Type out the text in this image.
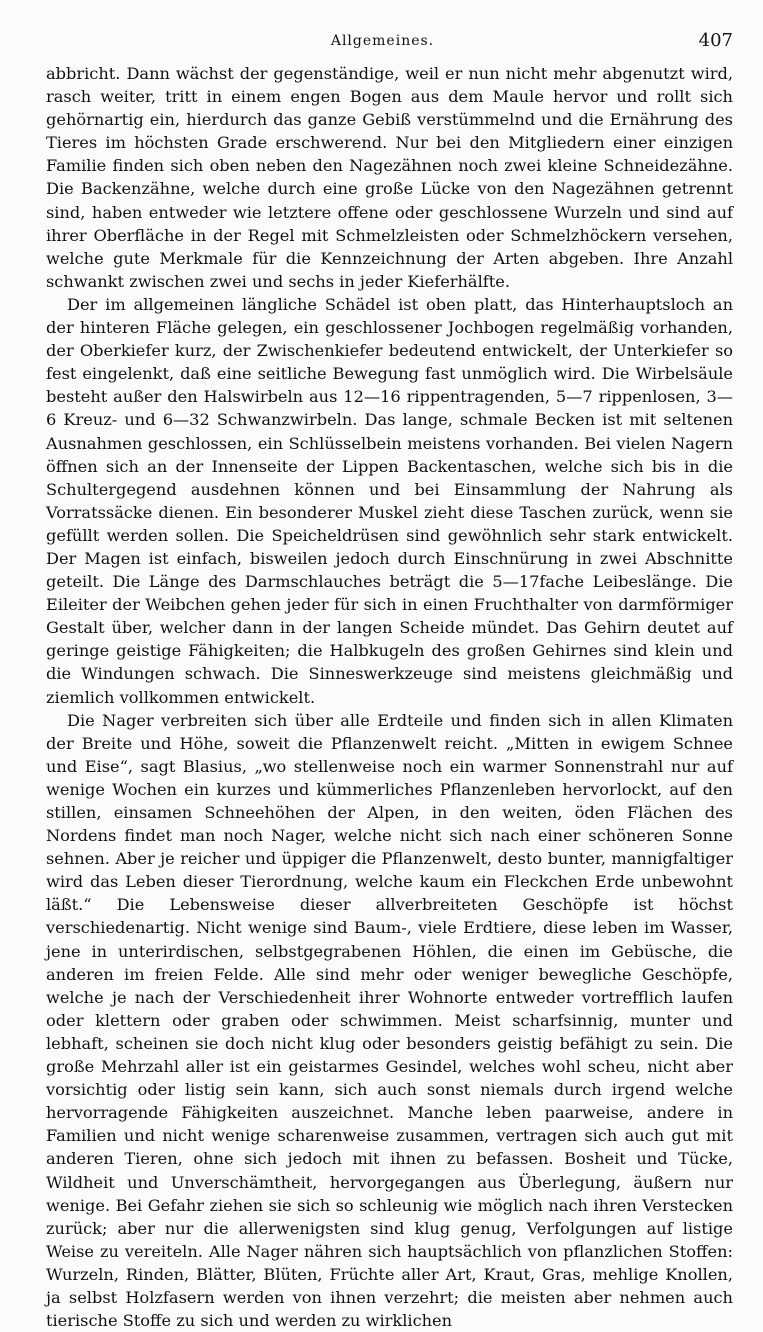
Allgemeines.	407

abbricht. Dann wächst der gegenständige, weil er nun nicht mehr abgenutzt wird, rasch weiter, tritt in einem engen Bogen aus dem Maule hervor und rollt sich gehörnartig ein, hierdurch das ganze Gebiß verstümmelnd und die Ernährung des Tieres im höchsten Grade erschwerend. Nur bei den Mitgliedern einer einzigen Familie finden sich oben neben den Nagezähnen noch zwei kleine Schneidezähne. Die Backenzähne, welche durch eine große Lücke von den Nagezähnen getrennt sind, haben entweder wie letztere offene oder geschlossene Wurzeln und sind auf ihrer Oberfläche in der Regel mit Schmelzleisten oder Schmelzhöckern versehen, welche gute Merkmale für die Kennzeichnung der Arten abgeben. Ihre Anzahl schwankt zwischen zwei und sechs in jeder Kieferhälfte.

Der im allgemeinen längliche Schädel ist oben platt, das Hinterhauptsloch an der hinteren Fläche gelegen, ein geschlossener Jochbogen regelmäßig vorhanden, der Oberkiefer kurz, der Zwischenkiefer bedeutend entwickelt, der Unterkiefer so fest eingelenkt, daß eine seitliche Bewegung fast unmöglich wird. Die Wirbelsäule besteht außer den Halswirbeln aus 12—16 rippentragenden, 5—7 rippenlosen, 3—6 Kreuz- und 6—32 Schwanzwirbeln. Das lange, schmale Becken ist mit seltenen Ausnahmen geschlossen, ein Schlüsselbein meistens vorhanden. Bei vielen Nagern öffnen sich an der Innenseite der Lippen Backentaschen, welche sich bis in die Schultergegend ausdehnen können und bei Einsammlung der Nahrung als Vorratssäcke dienen. Ein besonderer Muskel zieht diese Taschen zurück, wenn sie gefüllt werden sollen. Die Speicheldrüsen sind gewöhnlich sehr stark entwickelt. Der Magen ist einfach, bisweilen jedoch durch Einschnürung in zwei Abschnitte geteilt. Die Länge des Darmschlauches beträgt die 5—17fache Leibeslänge. Die Eileiter der Weibchen gehen jeder für sich in einen Fruchthalter von darmförmiger Gestalt über, welcher dann in der langen Scheide mündet. Das Gehirn deutet auf geringe geistige Fähigkeiten; die Halbkugeln des großen Gehirnes sind klein und die Windungen schwach. Die Sinneswerkzeuge sind meistens gleichmäßig und ziemlich vollkommen entwickelt.

Die Nager verbreiten sich über alle Erdteile und finden sich in allen Klimaten der Breite und Höhe, soweit die Pflanzenwelt reicht. „Mitten in ewigem Schnee und Eise“, sagt Blasius, „wo stellenweise noch ein warmer Sonnenstrahl nur auf wenige Wochen ein kurzes und kümmerliches Pflanzenleben hervorlockt, auf den stillen, einsamen Schneehöhen der Alpen, in den weiten, öden Flächen des Nordens findet man noch Nager, welche nicht sich nach einer schöneren Sonne sehnen. Aber je reicher und üppiger die Pflanzenwelt, desto bunter, mannigfaltiger wird das Leben dieser Tierordnung, welche kaum ein Fleckchen Erde unbewohnt läßt.“ Die Lebensweise dieser allverbreiteten Geschöpfe ist höchst verschiedenartig. Nicht wenige sind Baum-, viele Erdtiere, diese leben im Wasser, jene in unterirdischen, selbstgegrabenen Höhlen, die einen im Gebüsche, die anderen im freien Felde. Alle sind mehr oder weniger bewegliche Geschöpfe, welche je nach der Verschiedenheit ihrer Wohnorte entweder vortrefflich laufen oder klettern oder graben oder schwimmen. Meist scharfsinnig, munter und lebhaft, scheinen sie doch nicht klug oder besonders geistig befähigt zu sein. Die große Mehrzahl aller ist ein geistarmes Gesindel, welches wohl scheu, nicht aber vorsichtig oder listig sein kann, sich auch sonst niemals durch irgend welche hervorragende Fähigkeiten auszeichnet. Manche leben paarweise, andere in Familien und nicht wenige scharenweise zusammen, vertragen sich auch gut mit anderen Tieren, ohne sich jedoch mit ihnen zu befassen. Bosheit und Tücke, Wildheit und Unverschämtheit, hervorgegangen aus Überlegung, äußern nur wenige. Bei Gefahr ziehen sie sich so schleunig wie möglich nach ihren Verstecken zurück; aber nur die allerwenigsten sind klug genug, Verfolgungen auf listige Weise zu vereiteln. Alle Nager nähren sich hauptsächlich von pflanzlichen Stoffen: Wurzeln, Rinden, Blätter, Blüten, Früchte aller Art, Kraut, Gras, mehlige Knollen, ja selbst Holzfasern werden von ihnen verzehrt; die meisten aber nehmen auch tierische Stoffe zu sich und werden zu wirklichen
